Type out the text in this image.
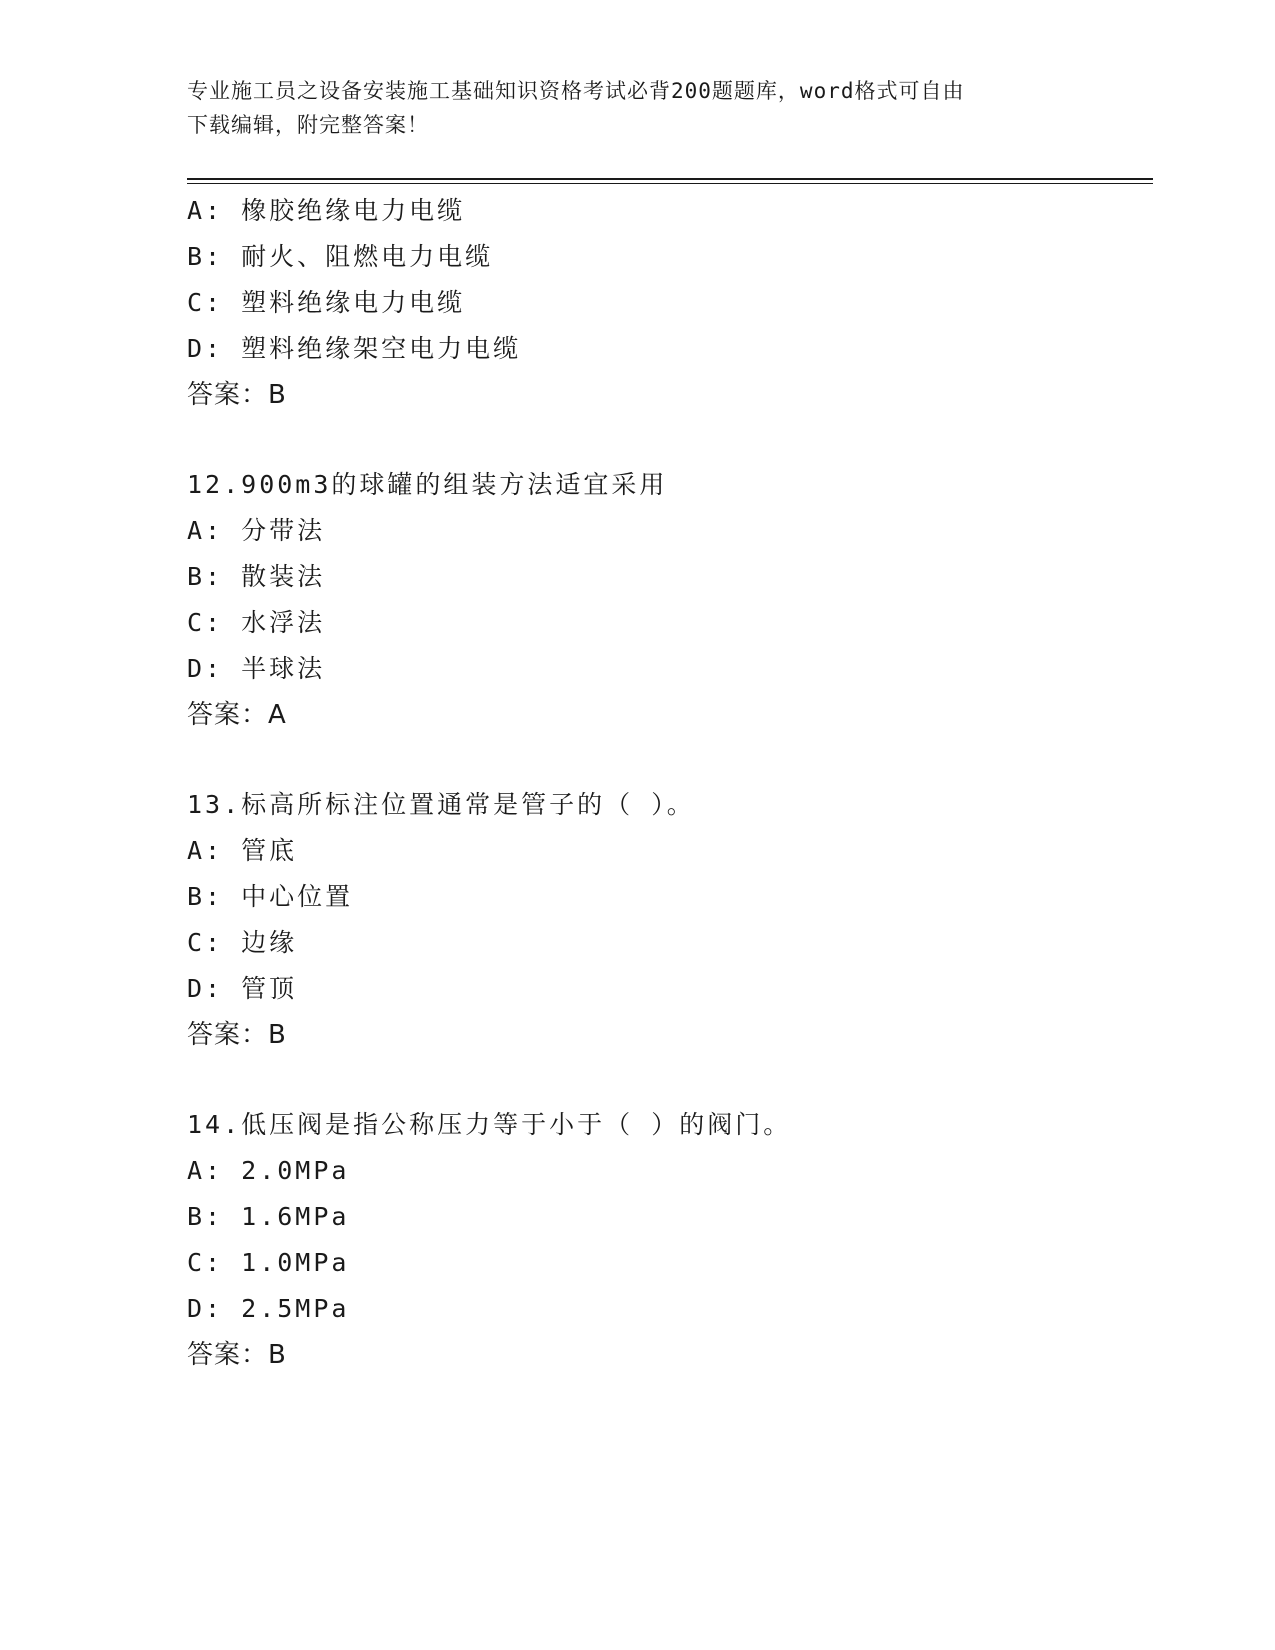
专业施工员之设备安装施工基础知识资格考试必背200题题库，word格式可自由
下载编辑，附完整答案！
A: 橡胶绝缘电力电缆
B: 耐火、阻燃电力电缆
C: 塑料绝缘电力电缆
D: 塑料绝缘架空电力电缆
答案：B
12.900m3的球罐的组装方法适宜采用
A: 分带法
B: 散装法
C: 水浮法
D: 半球法
答案：A
13.标高所标注位置通常是管子的（ ）。
A: 管底
B: 中心位置
C: 边缘
D: 管顶
答案：B
14.低压阀是指公称压力等于小于（ ）的阀门。
A: 2.0MPa
B: 1.6MPa
C: 1.0MPa
D: 2.5MPa
答案：B
